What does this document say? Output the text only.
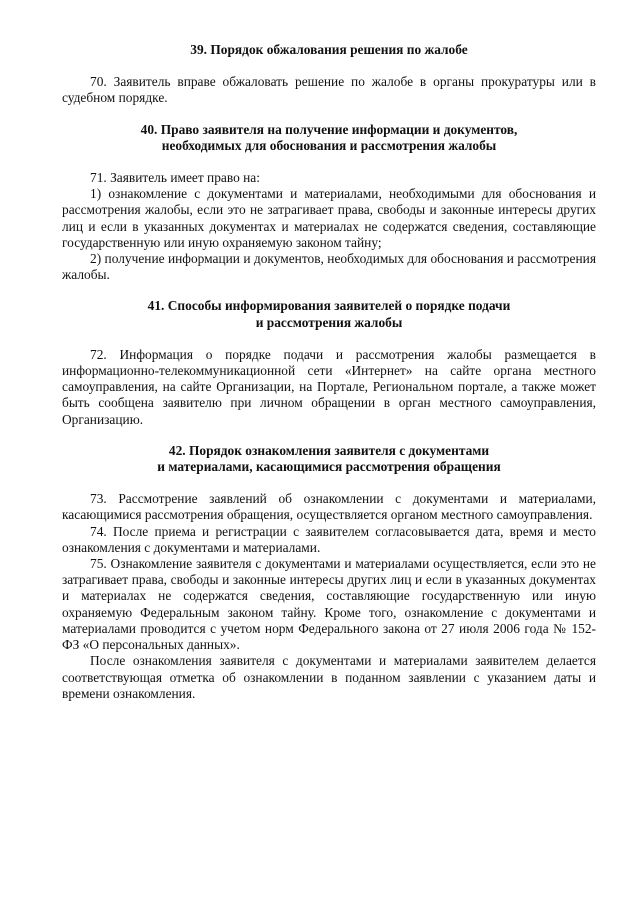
39. Порядок обжалования решения по жалобе

70. Заявитель вправе обжаловать решение по жалобе в органы прокуратуры или в судебном порядке.

40. Право заявителя на получение информации и документов,
необходимых для обоснования и рассмотрения жалобы

71. Заявитель имеет право на:

1) ознакомление с документами и материалами, необходимыми для обоснования и рассмотрения жалобы, если это не затрагивает права, свободы и законные интересы других лиц и если в указанных документах и материалах не содержатся сведения, составляющие государственную или иную охраняемую законом тайну;

2) получение информации и документов, необходимых для обоснования и рассмотрения жалобы.

41. Способы информирования заявителей о порядке подачи
и рассмотрения жалобы

72. Информация о порядке подачи и рассмотрения жалобы размещается в информационно-телекоммуникационной сети «Интернет» на сайте органа местного самоуправления, на сайте Организации, на Портале, Региональном портале, а также может быть сообщена заявителю при личном обращении в орган местного самоуправления, Организацию.

42. Порядок ознакомления заявителя с документами
и материалами, касающимися рассмотрения обращения

73. Рассмотрение заявлений об ознакомлении с документами и материалами, касающимися рассмотрения обращения, осуществляется органом местного самоуправления.

74. После приема и регистрации с заявителем согласовывается дата, время и место ознакомления с документами и материалами.

75. Ознакомление заявителя с документами и материалами осуществляется, если это не затрагивает права, свободы и законные интересы других лиц и если в указанных документах и материалах не содержатся сведения, составляющие государственную или иную охраняемую Федеральным законом тайну. Кроме того, ознакомление с документами и материалами проводится с учетом норм Федерального закона от 27 июля 2006 года № 152-ФЗ «О персональных данных».

После ознакомления заявителя с документами и материалами заявителем делается соответствующая отметка об ознакомлении в поданном заявлении с указанием даты и времени ознакомления.
